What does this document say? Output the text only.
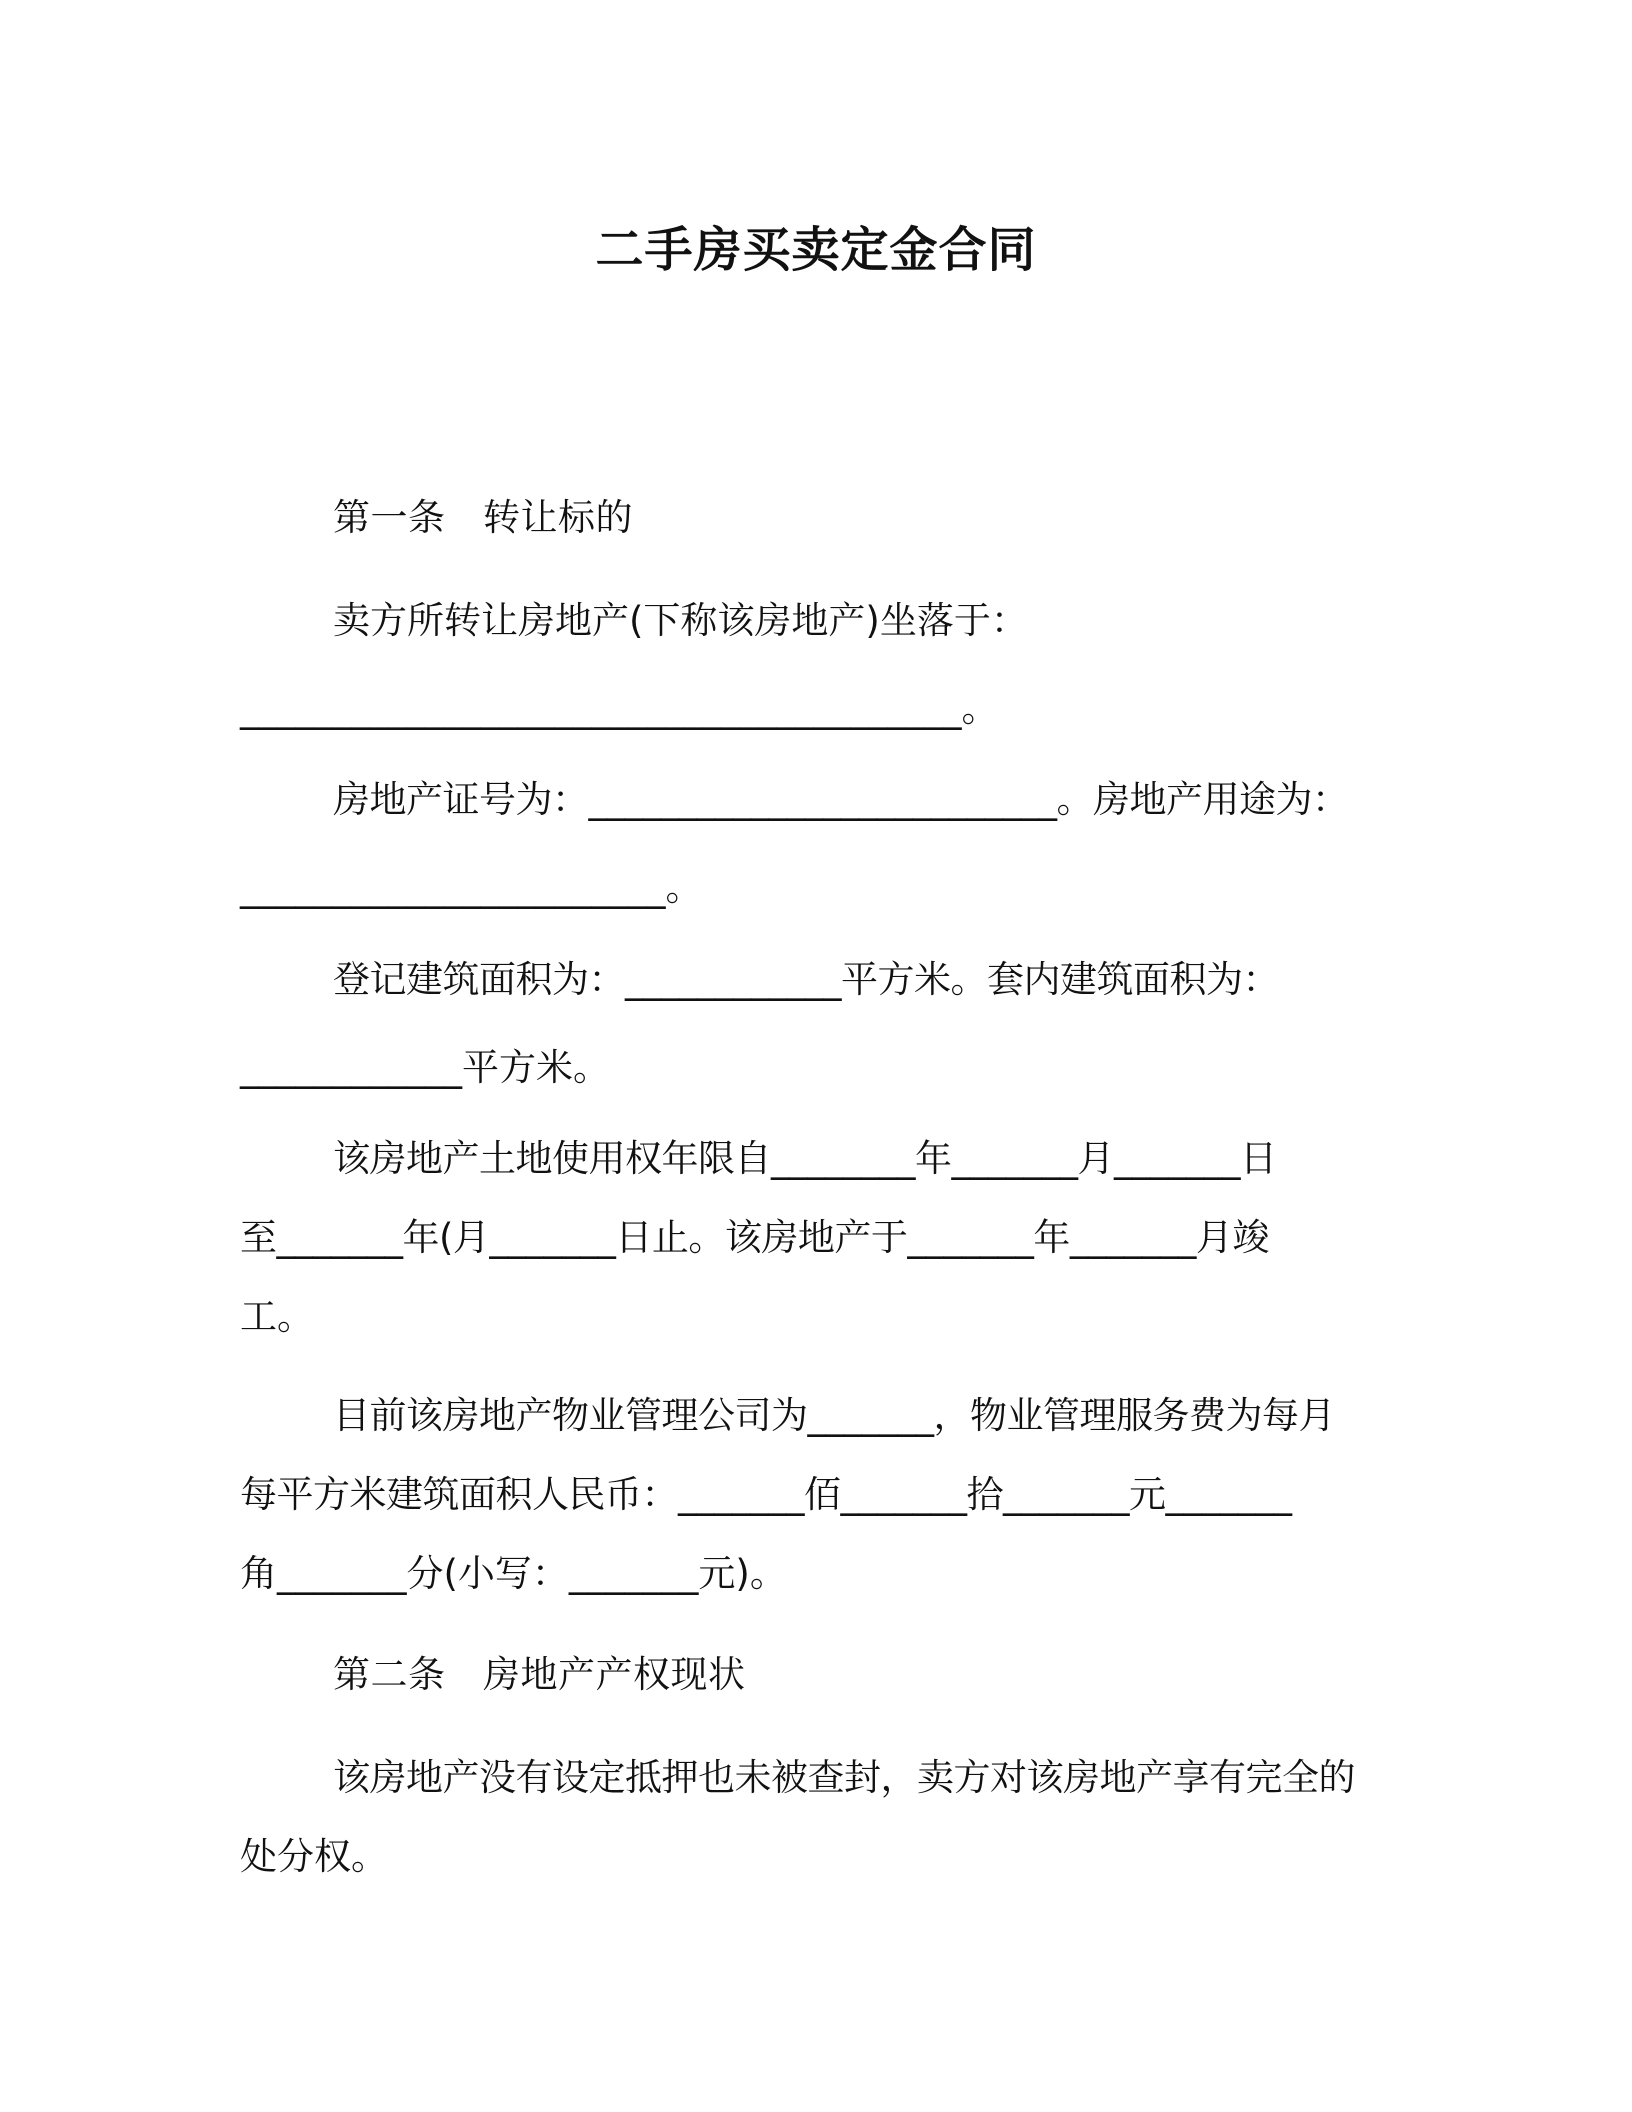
二手房买卖定金合同
第一条　转让标的
卖方所转让房地产(下称该房地产)坐落于：
_______________________________________。
房地产证号为：__________________________。房地产用途为：
_______________________。
登记建筑面积为：____________平方米。套内建筑面积为：
____________平方米。
该房地产土地使用权年限自________年_______月_______日
至_______年(月_______日止。该房地产于_______年_______月竣
工。
目前该房地产物业管理公司为_______，物业管理服务费为每月
每平方米建筑面积人民币：_______佰_______拾_______元_______
角_______分(小写：_______元)。
第二条　房地产产权现状
该房地产没有设定抵押也未被查封，卖方对该房地产享有完全的
处分权。
